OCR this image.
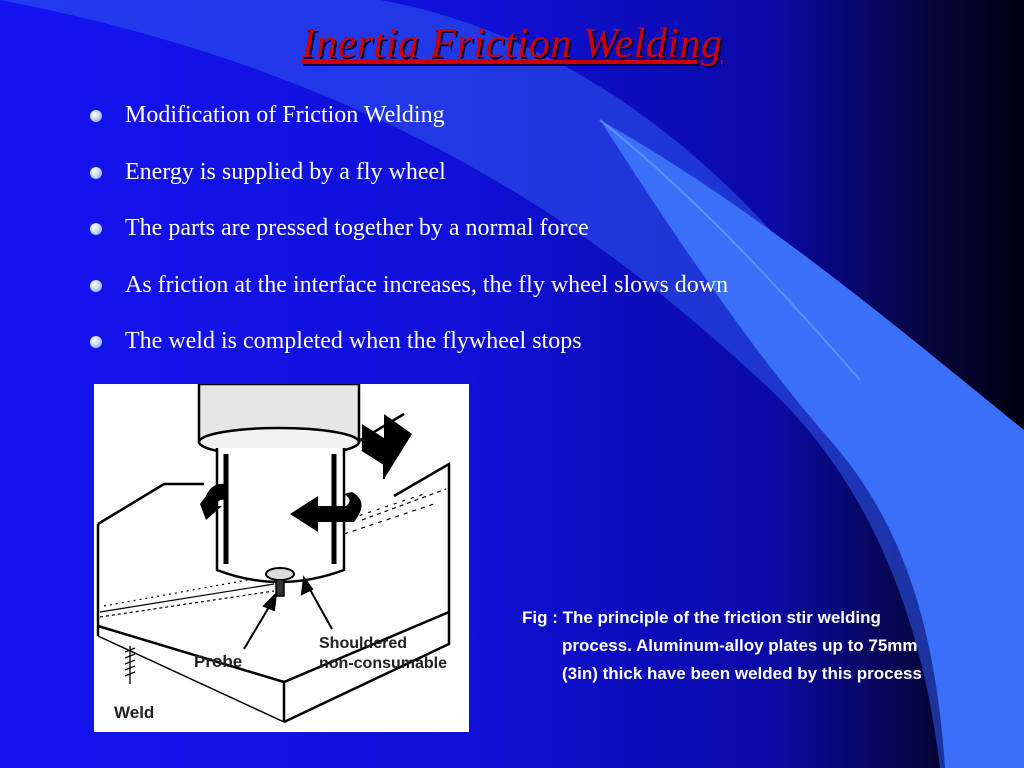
Inertia Friction Welding
Modification of Friction Welding
Energy is supplied by a fly wheel
The parts are pressed together by a normal force
As friction at the interface increases, the fly wheel slows down
The weld is completed when the flywheel stops
Probe
Shouldered
non-consumable
Weld
Fig : The principle of the friction stir welding
process. Aluminum-alloy plates up to 75mm
(3in) thick have been welded by this process
